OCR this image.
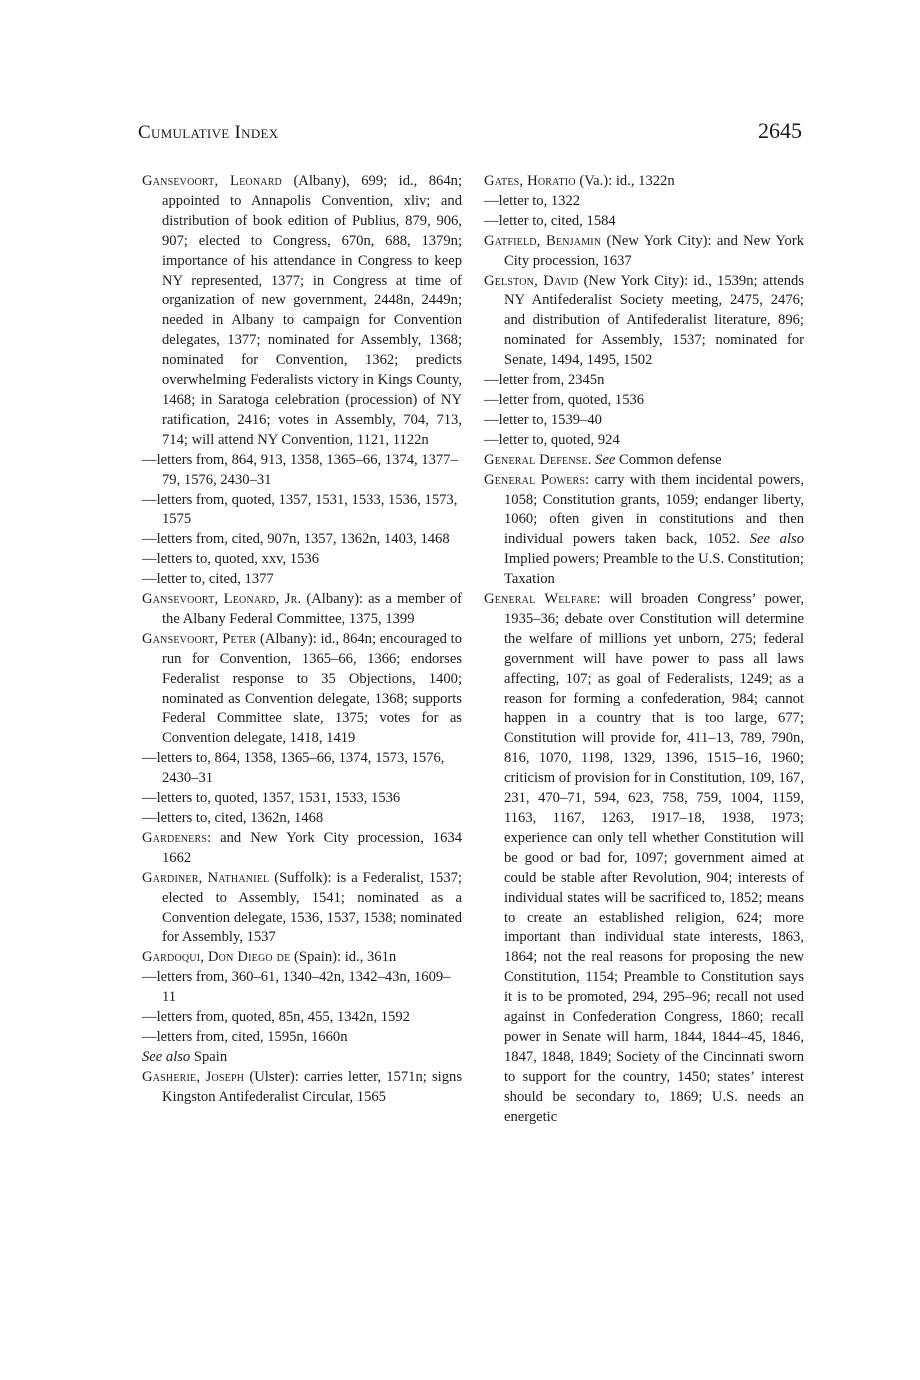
Cumulative Index	2645

Gansevoort, Leonard (Albany), 699; id., 864n; appointed to Annapolis Convention, xliv; and distribution of book edition of Publius, 879, 906, 907; elected to Congress, 670n, 688, 1379n; importance of his attendance in Congress to keep NY represented, 1377; in Congress at time of organization of new government, 2448n, 2449n; needed in Albany to campaign for Convention delegates, 1377; nominated for Assembly, 1368; nominated for Convention, 1362; predicts overwhelming Federalists victory in Kings County, 1468; in Saratoga celebration (procession) of NY ratification, 2416; votes in Assembly, 704, 713, 714; will attend NY Convention, 1121, 1122n

—letters from, 864, 913, 1358, 1365–66, 1374, 1377–79, 1576, 2430–31

—letters from, quoted, 1357, 1531, 1533, 1536, 1573, 1575

—letters from, cited, 907n, 1357, 1362n, 1403, 1468

—letters to, quoted, xxv, 1536

—letter to, cited, 1377

Gansevoort, Leonard, Jr. (Albany): as a member of the Albany Federal Committee, 1375, 1399

Gansevoort, Peter (Albany): id., 864n; encouraged to run for Convention, 1365–66, 1366; endorses Federalist response to 35 Objections, 1400; nominated as Convention delegate, 1368; supports Federal Committee slate, 1375; votes for as Convention delegate, 1418, 1419

—letters to, 864, 1358, 1365–66, 1374, 1573, 1576, 2430–31

—letters to, quoted, 1357, 1531, 1533, 1536

—letters to, cited, 1362n, 1468

Gardeners: and New York City procession, 1634 1662

Gardiner, Nathaniel (Suffolk): is a Federalist, 1537; elected to Assembly, 1541; nominated as a Convention delegate, 1536, 1537, 1538; nominated for Assembly, 1537

Gardoqui, Don Diego de (Spain): id., 361n

—letters from, 360–61, 1340–42n, 1342–43n, 1609–11

—letters from, quoted, 85n, 455, 1342n, 1592

—letters from, cited, 1595n, 1660n

See also Spain

Gasherie, Joseph (Ulster): carries letter, 1571n; signs Kingston Antifederalist Circular, 1565

Gates, Horatio (Va.): id., 1322n

—letter to, 1322

—letter to, cited, 1584

Gatfield, Benjamin (New York City): and New York City procession, 1637

Gelston, David (New York City): id., 1539n; attends NY Antifederalist Society meeting, 2475, 2476; and distribution of Antifederalist literature, 896; nominated for Assembly, 1537; nominated for Senate, 1494, 1495, 1502

—letter from, 2345n

—letter from, quoted, 1536

—letter to, 1539–40

—letter to, quoted, 924

General Defense. See Common defense

General Powers: carry with them incidental powers, 1058; Constitution grants, 1059; endanger liberty, 1060; often given in constitutions and then individual powers taken back, 1052. See also Implied powers; Preamble to the U.S. Constitution; Taxation

General Welfare: will broaden Congress’ power, 1935–36; debate over Constitution will determine the welfare of millions yet unborn, 275; federal government will have power to pass all laws affecting, 107; as goal of Federalists, 1249; as a reason for forming a confederation, 984; cannot happen in a country that is too large, 677; Constitution will provide for, 411–13, 789, 790n, 816, 1070, 1198, 1329, 1396, 1515–16, 1960; criticism of provision for in Constitution, 109, 167, 231, 470–71, 594, 623, 758, 759, 1004, 1159, 1163, 1167, 1263, 1917–18, 1938, 1973; experience can only tell whether Constitution will be good or bad for, 1097; government aimed at could be stable after Revolution, 904; interests of individual states will be sacrificed to, 1852; means to create an established religion, 624; more important than individual state interests, 1863, 1864; not the real reasons for proposing the new Constitution, 1154; Preamble to Constitution says it is to be promoted, 294, 295–96; recall not used against in Confederation Congress, 1860; recall power in Senate will harm, 1844, 1844–45, 1846, 1847, 1848, 1849; Society of the Cincinnati sworn to support for the country, 1450; states’ interest should be secondary to, 1869; U.S. needs an energetic
